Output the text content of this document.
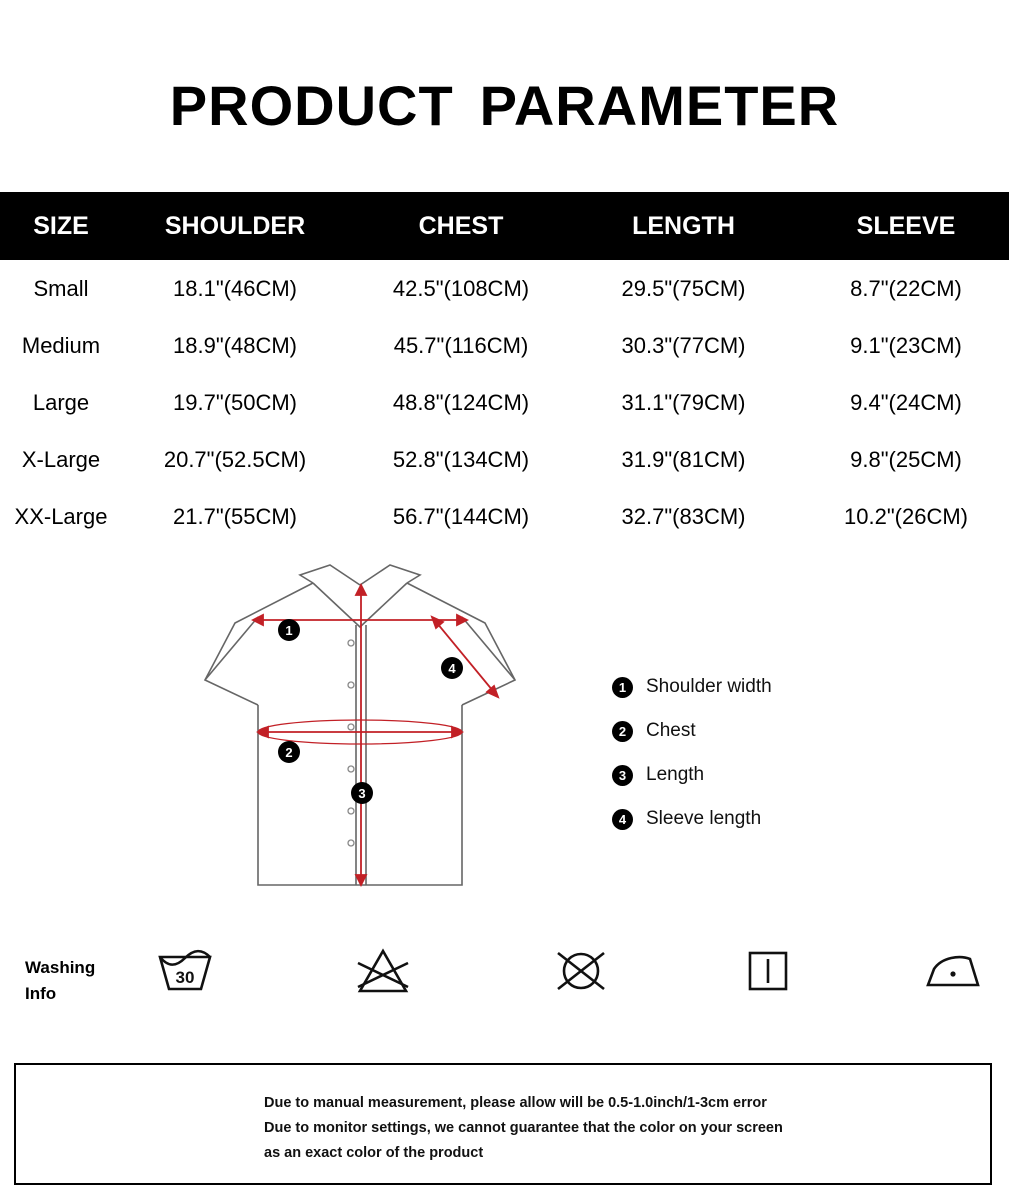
PRODUCT PARAMETER
SIZE	SHOULDER	CHEST	LENGTH	SLEEVE
Small	18.1"(46CM)	42.5"(108CM)	29.5"(75CM)	8.7"(22CM)
Medium	18.9"(48CM)	45.7"(116CM)	30.3"(77CM)	9.1"(23CM)
Large	19.7"(50CM)	48.8"(124CM)	31.1"(79CM)	9.4"(24CM)
X-Large	20.7"(52.5CM)	52.8"(134CM)	31.9"(81CM)	9.8"(25CM)
XX-Large	21.7"(55CM)	56.7"(144CM)	32.7"(83CM)	10.2"(26CM)
1
2
3
4
1	Shoulder width
2	Chest
3	Length
4	Sleeve length
Washing
Info
30
Due to manual measurement, please allow will be 0.5-1.0inch/1-3cm error
Due to monitor settings, we cannot guarantee that the color on your screen
as an exact color of the product
